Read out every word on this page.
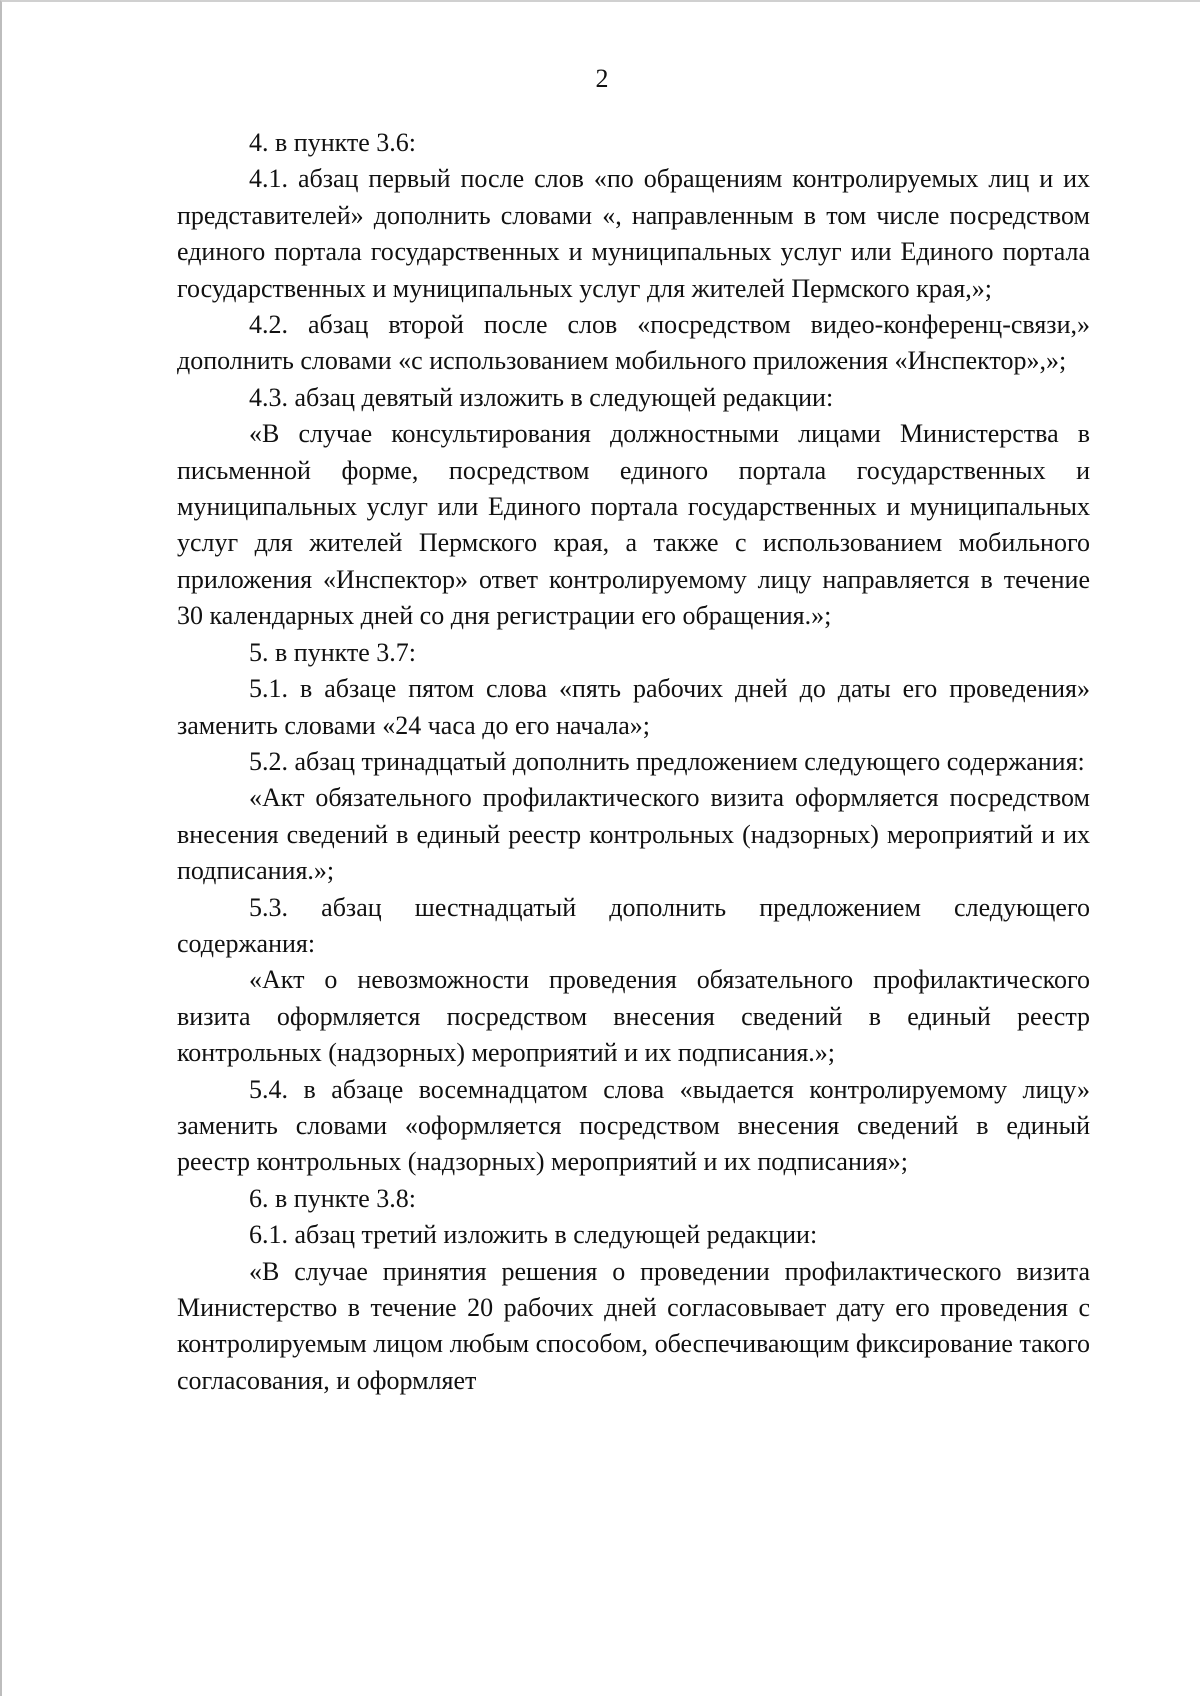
2

4. в пункте 3.6:

4.1. абзац первый после слов «по обращениям контролируемых лиц и их представителей» дополнить словами «, направленным в том числе посредством единого портала государственных и муниципальных услуг или Единого портала государственных и муниципальных услуг для жителей Пермского края,»;

4.2. абзац второй после слов «посредством видео-конференц-связи,» дополнить словами «с использованием мобильного приложения «Инспектор»,»;

4.3. абзац девятый изложить в следующей редакции:

«В случае консультирования должностными лицами Министерства в письменной форме, посредством единого портала государственных и муниципальных услуг или Единого портала государственных и муниципальных услуг для жителей Пермского края, а также с использованием мобильного приложения «Инспектор» ответ контролируемому лицу направляется в течение 30 календарных дней со дня регистрации его обращения.»;

5. в пункте 3.7:

5.1. в абзаце пятом слова «пять рабочих дней до даты его проведения» заменить словами «24 часа до его начала»;

5.2. абзац тринадцатый дополнить предложением следующего содержания:

«Акт обязательного профилактического визита оформляется посредством внесения сведений в единый реестр контрольных (надзорных) мероприятий и их подписания.»;

5.3. абзац шестнадцатый дополнить предложением следующего содержания:

«Акт о невозможности проведения обязательного профилактического визита оформляется посредством внесения сведений в единый реестр контрольных (надзорных) мероприятий и их подписания.»;

5.4. в абзаце восемнадцатом слова «выдается контролируемому лицу» заменить словами «оформляется посредством внесения сведений в единый реестр контрольных (надзорных) мероприятий и их подписания»;

6. в пункте 3.8:

6.1. абзац третий изложить в следующей редакции:

«В случае принятия решения о проведении профилактического визита Министерство в течение 20 рабочих дней согласовывает дату его проведения с контролируемым лицом любым способом, обеспечивающим фиксирование такого согласования, и оформляет
